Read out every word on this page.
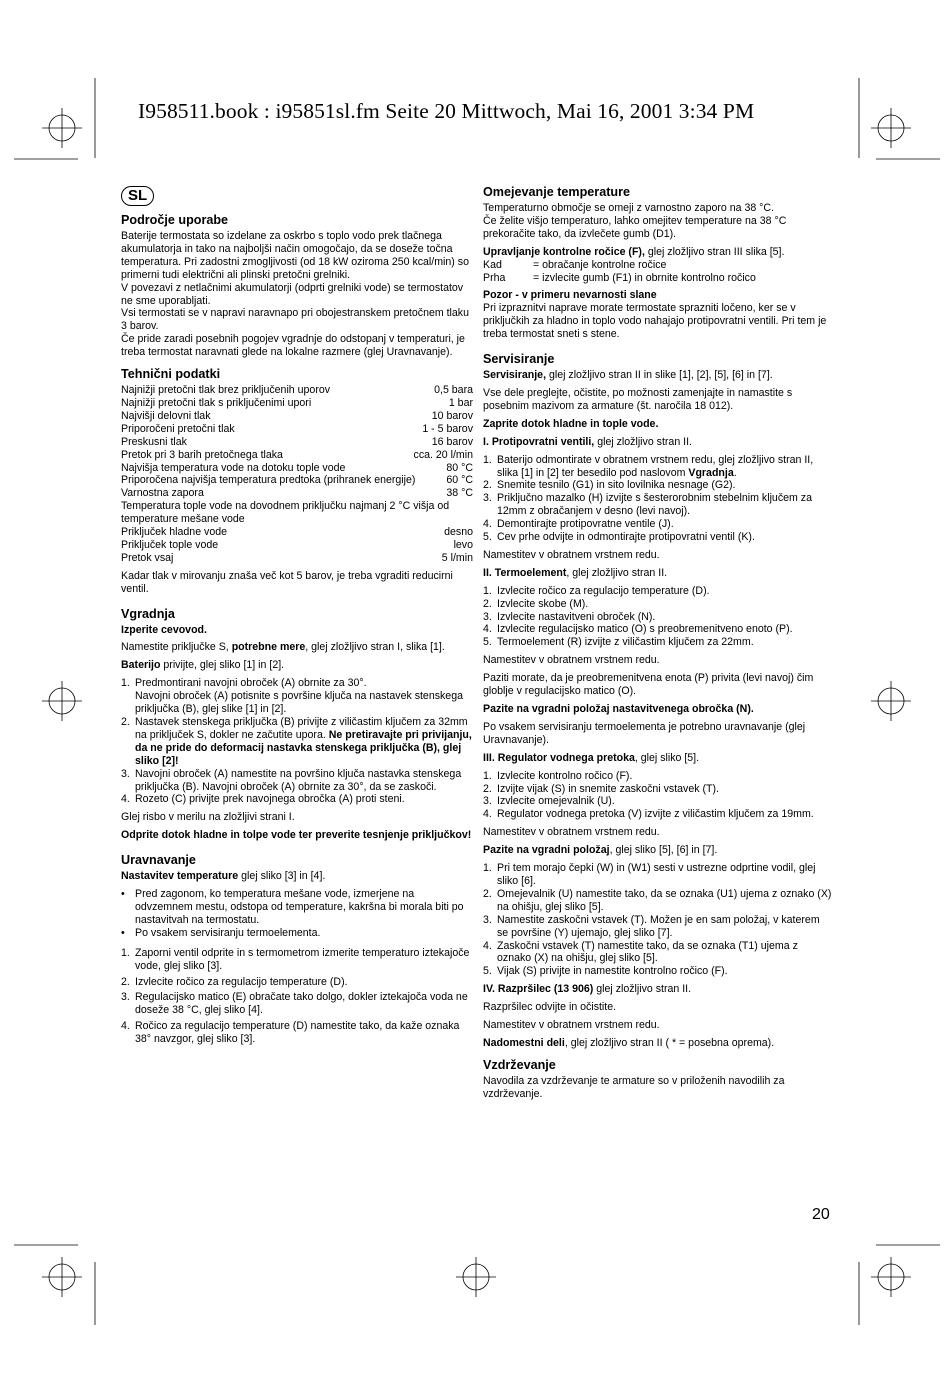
I958511.book : i95851sl.fm Seite 20 Mittwoch, Mai 16, 2001 3:34 PM
SL
Področje uporabe

Baterije termostata so izdelane za oskrbo s toplo vodo prek tlačnega akumulatorja in tako na najboljši način omogočajo, da se doseže točna temperatura. Pri zadostni zmogljivosti (od 18 kW oziroma 250 kcal/min) so primerni tudi električni ali plinski pretočni grelniki.

V povezavi z netlačnimi akumulatorji (odprti grelniki vode) se termostatov ne sme uporabljati.

Vsi termostati se v napravi naravnapo pri obojestranskem pretočnem tlaku 3 barov.

Če pride zaradi posebnih pogojev vgradnje do odstopanj v temperaturi, je treba termostat naravnati glede na lokalne razmere (glej Uravnavanje).

Tehnični podatki
Najnižji pretočni tlak brez priključenih uporov	0,5 bara
Najnižji pretočni tlak s priključenimi upori	1 bar
Najvišji delovni tlak	10 barov
Priporočeni pretočni tlak	1 - 5 barov
Preskusni tlak	16 barov
Pretok pri 3 barih pretočnega tlaka	cca. 20 l/min
Najvišja temperatura vode na dotoku tople vode	80 °C
Priporočena najvišja temperatura predtoka (prihranek energije)	60 °C
Varnostna zapora	38 °C
Temperatura tople vode na dovodnem priključku najmanj 2 °C višja od temperature mešane vode
Priključek hladne vode	desno
Priključek tople vode	levo
Pretok vsaj	5 l/min

Kadar tlak v mirovanju znaša več kot 5 barov, je treba vgraditi reducirni ventil.

Vgradnja

Izperite cevovod.

Namestite priključke S, potrebne mere, glej zložljivo stran I, slika [1].

Baterijo privijte, glej sliko [1] in [2].

1. Predmontirani navojni obroček (A) obrnite za 30°.
Navojni obroček (A) potisnite s površine ključa na nastavek stenskega priključka (B), glej slike [1] in [2].
2. Nastavek stenskega priključka (B) privijte z viličastim ključem za 32mm na priključek S, dokler ne začutite upora. Ne pretiravajte pri privijanju, da ne pride do deformacij nastavka stenskega priključka (B), glej sliko [2]!
3. Navojni obroček (A) namestite na površino ključa nastavka stenskega priključka (B). Navojni obroček (A) obrnite za 30°, da se zaskoči.
4. Rozeto (C) privijte prek navojnega obročka (A) proti steni.

Glej risbo v merilu na zložljivi strani I.

Odprite dotok hladne in tolpe vode ter preverite tesnjenje priključkov!

Uravnavanje

Nastavitev temperature glej sliko [3] in [4].

• Pred zagonom, ko temperatura mešane vode, izmerjene na odvzemnem mestu, odstopa od temperature, kakršna bi morala biti po nastavitvah na termostatu.
• Po vsakem servisiranju termoelementa.
1. Zaporni ventil odprite in s termometrom izmerite temperaturo iztekajoče vode, glej sliko [3].
2. Izvlecite ročico za regulacijo temperature (D).
3. Regulacijsko matico (E) obračate tako dolgo, dokler iztekajoča voda ne doseže 38 °C, glej sliko [4].
4. Ročico za regulacijo temperature (D) namestite tako, da kaže oznaka 38° navzgor, glej sliko [3].
Omejevanje temperature

Temperaturno območje se omeji z varnostno zaporo na 38 °C.

Če želite višjo temperaturo, lahko omejitev temperature na 38 °C prekoračite tako, da izvlečete gumb (D1).

Upravljanje kontrolne ročice (F), glej zložljivo stran III slika [5].

Kad	= obračanje kontrolne ročice
Prha	= izvlecite gumb (F1) in obrnite kontrolno ročico

Pozor - v primeru nevarnosti slane

Pri izpraznitvi naprave morate termostate sprazniti ločeno, ker se v priključkih za hladno in toplo vodo nahajajo protipovratni ventili. Pri tem je treba termostat sneti s stene.

Servisiranje

Servisiranje, glej zložljivo stran II in slike [1], [2], [5], [6] in [7].

Vse dele preglejte, očistite, po možnosti zamenjajte in namastite s posebnim mazivom za armature (št. naročila 18 012).

Zaprite dotok hladne in tople vode.

I. Protipovratni ventili, glej zložljivo stran II.

1. Baterijo odmontirate v obratnem vrstnem redu, glej zložljivo stran II, slika [1] in [2] ter besedilo pod naslovom Vgradnja.
2. Snemite tesnilo (G1) in sito lovilnika nesnage (G2).
3. Priključno mazalko (H) izvijte s šesterorobnim stebelnim ključem za 12mm z obračanjem v desno (levi navoj).
4. Demontirajte protipovratne ventile (J).
5. Cev prhe odvijte in odmontirajte protipovratni ventil (K).

Namestitev v obratnem vrstnem redu.

II. Termoelement, glej zložljivo stran II.

1. Izvlecite ročico za regulacijo temperature (D).
2. Izvlecite skobe (M).
3. Izvlecite nastavitveni obroček (N).
4. Izvlecite regulacijsko matico (O) s preobremenitveno enoto (P).
5. Termoelement (R) izvijte z viličastim ključem za 22mm.

Namestitev v obratnem vrstnem redu.

Paziti morate, da je preobremenitvena enota (P) privita (levi navoj) čim globlje v regulacijsko matico (O).

Pazite na vgradni položaj nastavitvenega obročka (N).

Po vsakem servisiranju termoelementa je potrebno uravnavanje (glej Uravnavanje).

III. Regulator vodnega pretoka, glej sliko [5].

1. Izvlecite kontrolno ročico (F).
2. Izvijte vijak (S) in snemite zaskočni vstavek (T).
3. Izvlecite omejevalnik (U).
4. Regulator vodnega pretoka (V) izvijte z viličastim ključem za 19mm.

Namestitev v obratnem vrstnem redu.

Pazite na vgradni položaj, glej sliko [5], [6] in [7].

1. Pri tem morajo čepki (W) in (W1) sesti v ustrezne odprtine vodil, glej sliko [6].
2. Omejevalnik (U) namestite tako, da se oznaka (U1) ujema z oznako (X) na ohišju, glej sliko [5].
3. Namestite zaskočni vstavek (T). Možen je en sam položaj, v katerem se površine (Y) ujemajo, glej sliko [7].
4. Zaskočni vstavek (T) namestite tako, da se oznaka (T1) ujema z oznako (X) na ohišju, glej sliko [5].
5. Vijak (S) privijte in namestite kontrolno ročico (F).

IV. Razpršilec (13 906) glej zložljivo stran II.

Razpršilec odvijte in očistite.

Namestitev v obratnem vrstnem redu.

Nadomestni deli, glej zložljivo stran II ( * = posebna oprema).

Vzdrževanje

Navodila za vzdrževanje te armature so v priloženih navodilih za vzdrževanje.

20
